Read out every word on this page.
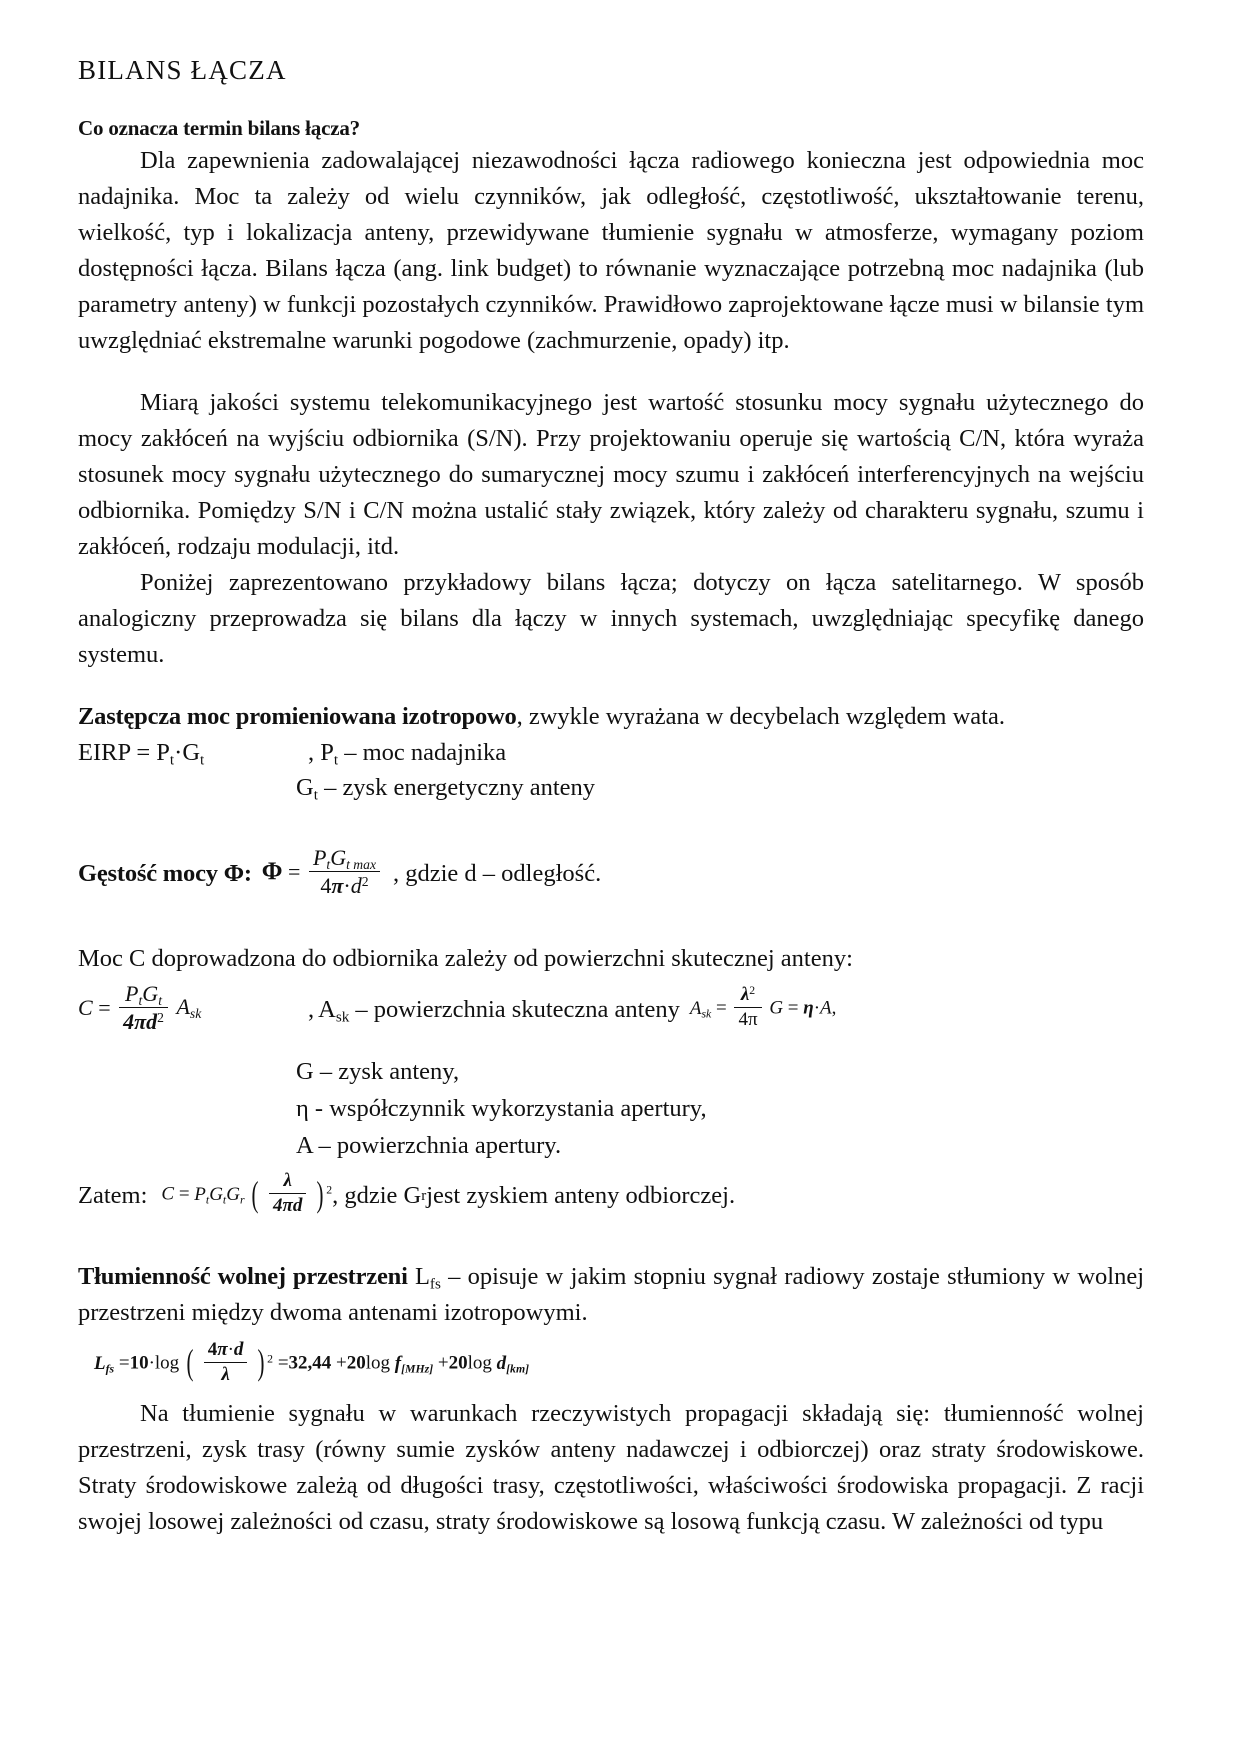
BILANS ŁĄCZA
Co oznacza termin bilans łącza?

Dla zapewnienia zadowalającej niezawodności łącza radiowego konieczna jest odpowiednia moc nadajnika. Moc ta zależy od wielu czynników, jak odległość, częstotliwość, ukształtowanie terenu, wielkość, typ i lokalizacja anteny, przewidywane tłumienie sygnału w atmosferze, wymagany poziom dostępności łącza. Bilans łącza (ang. link budget) to równanie wyznaczające potrzebną moc nadajnika (lub parametry anteny) w funkcji pozostałych czynników. Prawidłowo zaprojektowane łącze musi w bilansie tym uwzględniać ekstremalne warunki pogodowe (zachmurzenie, opady) itp.

Miarą jakości systemu telekomunikacyjnego jest wartość stosunku mocy sygnału użytecznego do mocy zakłóceń na wyjściu odbiornika (S/N). Przy projektowaniu operuje się wartością C/N, która wyraża stosunek mocy sygnału użytecznego do sumarycznej mocy szumu i zakłóceń interferencyjnych na wejściu odbiornika. Pomiędzy S/N i C/N można ustalić stały związek, który zależy od charakteru sygnału, szumu i zakłóceń, rodzaju modulacji, itd.

Poniżej zaprezentowano przykładowy bilans łącza; dotyczy on łącza satelitarnego. W sposób analogiczny przeprowadza się bilans dla łączy w innych systemach, uwzględniając specyfikę danego systemu.

Zastępcza moc promieniowana izotropowo, zwykle wyrażana w decybelach względem wata.

EIRP = $P_t\cdot G_t$	, $P_t$ – moc nadajnika
$G_t$ – zysk energetyczny anteny
Gęstość mocy Φ: $\Phi = \frac{P_tG_{t max}}{4\pi\cdot d^2}$ , gdzie d – odległość.

Moc C doprowadzona do odbiornika zależy od powierzchni skutecznej anteny:

$C = \frac{P_tG_t}{4\pi d^2} A_{sk}$	, $A_{sk}$ – powierzchnia skuteczna anteny $A_{sk} = \frac{\lambda^2}{4\pi}$ G = η·A,
G – zysk anteny,
η - współczynnik wykorzystania apertury,
A – powierzchnia apertury.
Zatem: $C = P_tG_tG_r$ ( $\frac{\lambda}{4\pi d}$ ) $^2$ , gdzie G r jest zyskiem anteny odbiorczej.

Tłumienność wolnej przestrzeni $L_{fs}$ – opisuje w jakim stopniu sygnał radiowy zostaje stłumiony w wolnej przestrzeni między dwoma antenami izotropowymi.

$L_{fs} =10\cdot\log$ ( $\frac{4\pi\cdot d}{\lambda}$ ) $^2$ =32,44 +20log $f_{[MHz]} +20\log$ $d_{[km]}$

Na tłumienie sygnału w warunkach rzeczywistych propagacji składają się: tłumienność wolnej przestrzeni, zysk trasy (równy sumie zysków anteny nadawczej i odbiorczej) oraz straty środowiskowe. Straty środowiskowe zależą od długości trasy, częstotliwości, właściwości środowiska propagacji. Z racji swojej losowej zależności od czasu, straty środowiskowe są losową funkcją czasu. W zależności od typu
